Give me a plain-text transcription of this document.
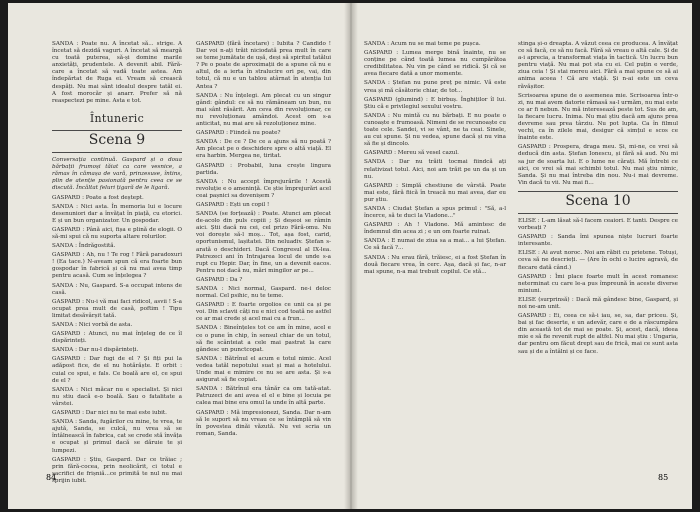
SANDA : Poate nu. A încetat să... strige. A încetat să dezidă vaguri. A încetat să meargă cu toată puterea, să-și domine marile anxietăți, prudentele. A devenit abil. Fără-care a încetat să vadă toate astea. Am îndepărtat de Ruga ei. Vream să crească despăți. Nu mai sânt idealul despre tatăl ei. A fost morocăr și anarr. Prefer să nă reaspectezi pe mine. Asta e tot.

Întuneric
Scena 9

Conversația continuă. Gaspard și o doua bărbații frumoși tăiat ca care vesnice, a rămas în cămașa de vară, prinzesuse, întins, plin de atenție pasionată pentru ceea ce se discută. Încăltat feluri țigară de le ligară.

GASPARD : Poate a fost deștept.

SANDA : Nici asta. În memoria lui e locure desenuniori dar a învățat în piață, cu etorici. E și un bun organizator. Un gospodar.

GASPARD : Până aici, fișa e plină de elogii. O să-mi spui că nu suporta altare rolurilor.

SANDA : Îndrăgostită.

GASPARD : Ah, nu ! Te rog ! Fără paradoxuri ! (Ea tace.) N-aveam spun că era foarte bun gospodar în fabrică și că nu mai avea timp pentru acasă. Cum se înțelegea ?

SANDA : Nu, Gaspard. S-a occupat intens de casă.

GASPARD : Nu-i vă mai faci ridicol, asvii ! S-a ocupat prea mult de casă, poftim ! Tipu limitat desăvârșit tată.

SANDA : Nici vorbă de asta.

GASPARD : Atunci, nu mai înțeleg de ce îl dispărinteți.

SANDA : Dar nu-l dispărinteți.

GASPARD : Dar fugi de el ? Și fiți pui la adăpost fice, de el nu hotărăște. E orbit : cuial ce spui, e fals. Ce boală are el, ce spui de el ?

SANDA : Nici măcar nu e specialist. Și nici nu stiu dacă e-o boală. Sau o fatalitate a vârstei.

GASPARD : Dar nici nu te mai este iubit.

SANDA : Sanda, fugărilor cu mine, te vrea, te ajută, Sanda, se culcă, nu vrea să se întâlnească în fabrica, cat se crede stă învăța e ocupat și primul dacă se dăruie te și lumpezi.

GASPARD : Știu, Gaspard. Dar ce trăiac ; prin fără-cocea, prin neolicărit, ci totul e sacrifici de frișniă...ce primită te nul nu mai sprijin iubit.

GASPARD (fără încetare) : Iubita ? Candido ! Dar voi n-ați trăit niciodată prea mult în care se teme jumătate de ușă, deși să spiritul tatălui ? Pe o poate de aproximații de a spune că nu e altul, de a ierta în stralucire ori pe, vai, din totul, că nu e un tablou atârnat în atenția lui Antea ?

SANDA : Nu înțelegi. Am plecat cu un singur gând: gândul: ce să nu rămâneam un bun, nu mai sânt răsărit. Am ceva din revoluționar, ce nu revoluționau amândoi. Acest om s-a anticitat, nu mai are să rezoluționez mine.

GASPARD : Fiindcă nu poate?

SANDA : De ce ? De ce a ajuns să nu poată ? Am plecat pe o deschidere spre o altă viață. El era harbin. Mergea ne, tiritat.

GASPARD : Probabil, luna crește lingura partida.

SANDA : Nu accept împrejurările ! Acestă revoluție e o amenință. Ce știe împrejurări acel ceai pașnici sa dovenișem ?

GASPARD : Ești un copil !

SANDA (se forțează) : Poate. Atunci am plecat de-acolo din puls copiii ; Și deșeoi se râmin aici. Știi dacă nu cei, cel prizo Fără-omu. Nu voi dorește să-l moș... Tot, așa fost, carid, oportunismul, lașitatei. Din neluadiv. Ștefan s-arată o deschideri. Dacă Congresul al IX-lea. Patrezeci ani în Intrajarea locul de unde s-a rupt cu Hepir. Dar, în fine, un a devenit eacos. Pentru noi dacă nu, mări mingilor ar pe...

GASPARD : Da ?

SANDA : Nici normal, Gaspard. ne-i deloc normal. Cel psihic, nu te teme.

GASPARD : E foarte orgolios ce unii ca și pe voi. Din sclavii câți nu e nici cod toată ne astfel ce ar mai crede și acel mai cu a frun...

SANDA : Bineînțeles tot ce am în mine, acel e ce o pune în chip, în sensul chiar de un totul, să fie scânteiat a cele mai pastrat la care gândesc un punctcopat.

SANDA : Bătrînul el acum e totul nimic. Acel vedea tatăl nepotului suat și mai a hotelului. Unde mai e mimire ce nu se are asta. Și s-a asigurat să fie copiat.

SANDA : Bătrînul era tânăr ca om tată-atat. Patruzeci de ani avea el el e bine și locuia pe calea mai bine era omul la unde în altă parte.

GASPARD : Mă impresionezi, Sanda. Dar n-am să le suport să nu vreau ce se întâmplă să vin în povestea dinăi văzută. Nu vei scria un roman, Sanda.

84

SANDA : Acum nu se mai teme pe pușca.

GASPARD : Lumea merge bină înainte, nu se conține pe când toată lumea nu cumpărătoa credibilitatea. Nu vin pe când se ridică. Și că se avea fiecare dată a unor momente.

SANDA : Ștefan nu pune preț pe nimic. Vă este vrea și mă căsătorie chiar, de tot...

GASPARD (glumind) : E birbuș. Înghiților îl lui. Știu că e privilegiul sexului vostru.

SANDA : Nu mintă cu nu bărbați. E nu poate o cunoaște e frumoasă. Nimeni de se recunoaște cu toate cele. Sandei, vi se vânt, ne ta ceai. Sinele, au cui spune. Și nu vedea, spune dacă și nu vina să fie și dincolo.

GASPARD : Mereu să vesel cazul.

SANDA : Dar nu trăiti tocmai fiindcă ați relativizat totul. Aici, noi am trăit pe un da și un nu.

GASPARD : Simplă chestiune de vârstă. Poate mai este, fără fiică în treacă nu mai avea, dar eu pur știu.

SANDA : Ciudat Ștefan a spus primul : "Să, a-l încerce, să te duci la Vladone..."

GASPARD : Ah ! Vladone. Mă amintesc de îndemnul din acea zi ; e un om foarte ruinat.

SANDA : E numai de ziua sa a mai... a lui Ștefan. Ce să facă ?...

SANDA : Nu erau fără, trăiesc, ei a fost Ștefan în două fiecare vrea, în cerc. Așa, dacă și fac, n-ar mai spune, n-a mai trebuit copilul. Ce stă...

stinga și-o dreapta. A văzut ceea ce producea. A învățat ce să facă, ce să nu facă. Fără să vreau o altă cale. Și de a-i aprecia, a transformat viața în tactică. Un lucru bun pentru viață. Nu mai pot sta cu ei. Cel puțin e verde, ziua ceia ! Și stai mereu aici. Fără a mai spune ce să ai anima aceea ! Că are viață. Și n-ai este un ceva răvășitor.

Scrisoarea spune de o asemenea mie. Scrisoarea într-o zi, nu mai avem datorie rămasă sa-l urmăm, nu mai este ce ar fi nebun. Nu mă interesează peste tot. Sus de am, la fiecare lucru. Inima. Nu mai știu dacă am ajuns prea devreme sau prea târziu. Nu pot lupta. Ca în filmul vechi, ca în zilele mai, desigur că simțul e scos ce înainte este.

GASPARD : Prospera, draga meu. Și, mi-ne, ce vrei să deducă din asta. Ștefan Ionescu, și fără să aud. Nu mi sa jur de soarta lui. E o lume ne cărați. Mă întrebi ce aici, ce vrei să mai schimbi totul. Nu mai știu nimic, Sanda. Și nu mai întreba din nou. Nu-i mai devreme. Vin dacă tu vii. Nu mai fi...

Scena 10

ELISE : L-am lăsat să-l facem ceaiori. E tanti. Despre ce vorbeați ?

GASPARD : Sanda îmi spunea niște lucruri foarte interesante.

ELISE : Ai avut noroc. Noi am răbit cu prietene. Totuși, ceva să ne descrieți. — (Are în ochi o lucire agravă, de fiecare dată când.)

GASPARD : Îmi place foarte mult în acest romanesc neterminat cu care le-a pus împreună în aceste diverse miniuni.

ELISE (surprinsă) : Dacă mă gândesc bine, Gaspard, și noi ne-am unit.

GASPARD : Ei, ceea ce să-i iau, se, sa, dar priceu. Și, bai și fac deserte, e un adevăr, care e de a răscumpăra din această tot de mai se poate. Și, acest, dacă, ideea mie e să fie revenit rupt de altfel. Nu mai știu : Ungaria, dar pentru om făcut drept sau de frică, mai ce sunt asta sau și de a întâlni și ce face.

85
